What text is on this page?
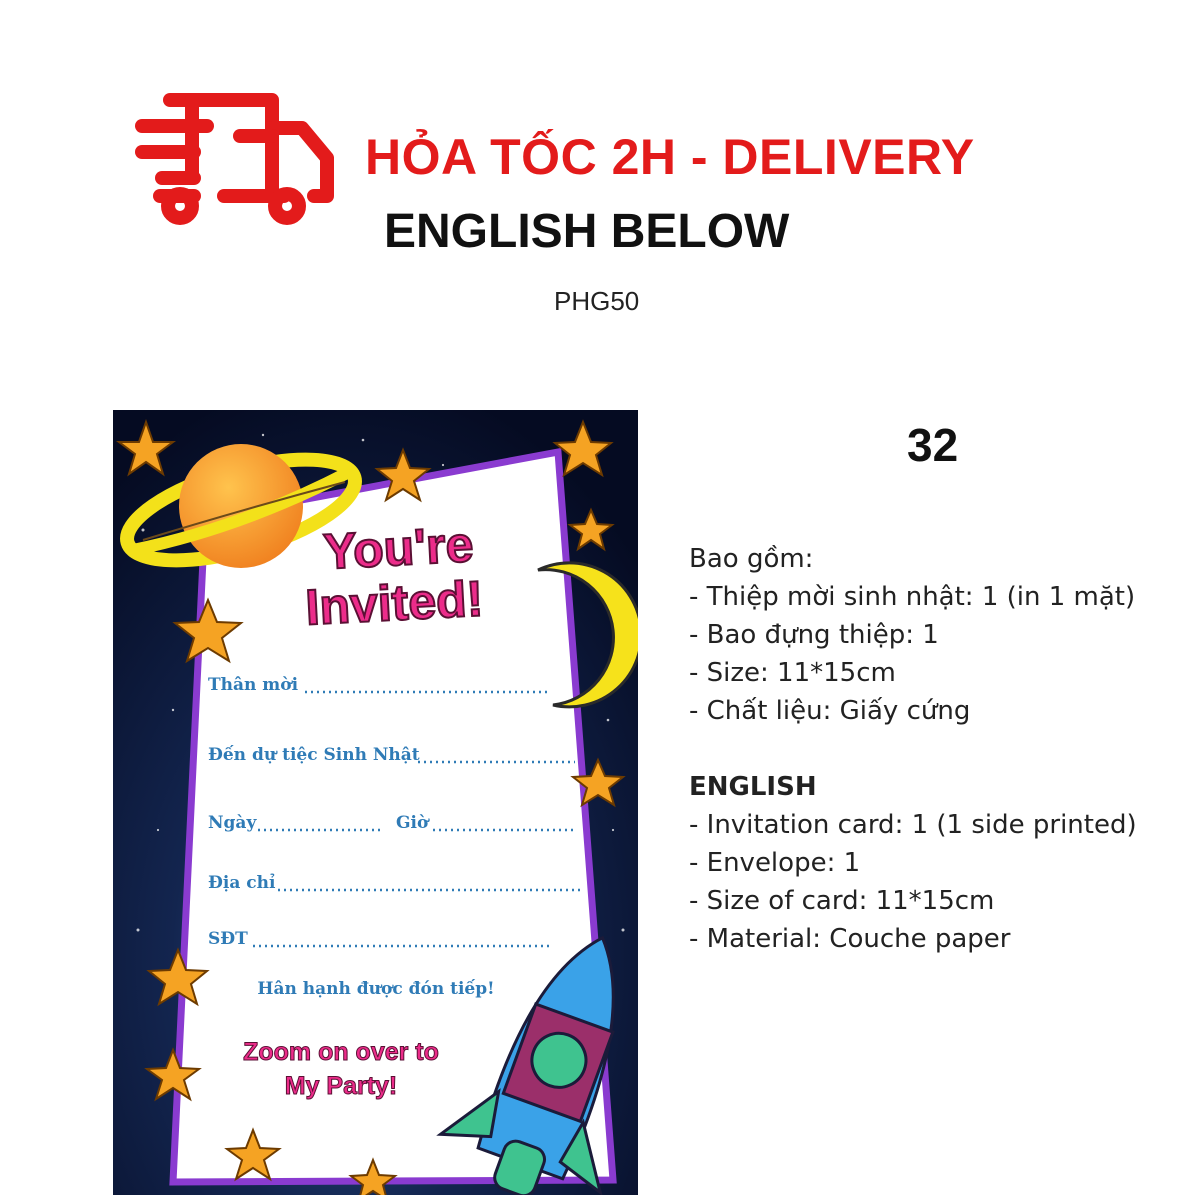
HỎA TỐC 2H - DELIVERY
ENGLISH BELOW
PHG50
You're
Invited!
Thân mời
Đến dự tiệc Sinh Nhật
Ngày	Giờ
Địa chỉ
SĐT
Hân hạnh được đón tiếp!
Zoom on over to
My Party!
32
Bao gồm:
- Thiệp mời sinh nhật: 1 (in 1 mặt)
- Bao đựng thiệp: 1
- Size: 11*15cm
- Chất liệu: Giấy cứng
ENGLISH
- Invitation card: 1 (1 side printed)
- Envelope: 1
- Size of card: 11*15cm
- Material: Couche paper
